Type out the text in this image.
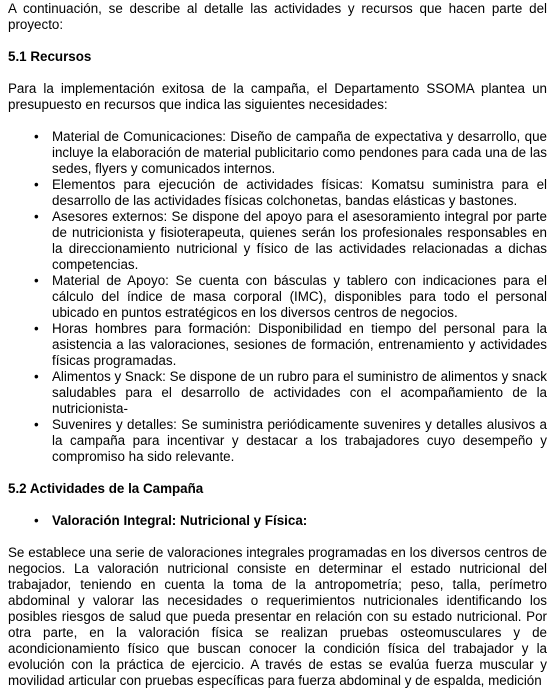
A continuación, se describe al detalle las actividades y recursos que hacen parte del proyecto:

5.1 Recursos

Para la implementación exitosa de la campaña, el Departamento SSOMA plantea un presupuesto en recursos que indica las siguientes necesidades:

• Material de Comunicaciones: Diseño de campaña de expectativa y desarrollo, que incluye la elaboración de material publicitario como pendones para cada una de las sedes, flyers y comunicados internos.
• Elementos para ejecución de actividades físicas: Komatsu suministra para el desarrollo de las actividades físicas colchonetas, bandas elásticas y bastones.
• Asesores externos: Se dispone del apoyo para el asesoramiento integral por parte de nutricionista y fisioterapeuta, quienes serán los profesionales responsables en la direccionamiento nutricional y físico de las actividades relacionadas a dichas competencias.
• Material de Apoyo: Se cuenta con básculas y tablero con indicaciones para el cálculo del índice de masa corporal (IMC), disponibles para todo el personal ubicado en puntos estratégicos en los diversos centros de negocios.
• Horas hombres para formación: Disponibilidad en tiempo del personal para la asistencia a las valoraciones, sesiones de formación, entrenamiento y actividades físicas programadas.
• Alimentos y Snack: Se dispone de un rubro para el suministro de alimentos y snack saludables para el desarrollo de actividades con el acompañamiento de la nutricionista-
• Suvenires y detalles: Se suministra periódicamente suvenires y detalles alusivos a la campaña para incentivar y destacar a los trabajadores cuyo desempeño y compromiso ha sido relevante.
5.2 Actividades de la Campaña
• Valoración Integral: Nutricional y Física:

Se establece una serie de valoraciones integrales programadas en los diversos centros de negocios. La valoración nutricional consiste en determinar el estado nutricional del trabajador, teniendo en cuenta la toma de la antropometría; peso, talla, perímetro abdominal y valorar las necesidades o requerimientos nutricionales identificando los posibles riesgos de salud que pueda presentar en relación con su estado nutricional. Por otra parte, en la valoración física se realizan pruebas osteomusculares y de acondicionamiento físico que buscan conocer la condición física del trabajador y la evolución con la práctica de ejercicio. A través de estas se evalúa fuerza muscular y movilidad articular con pruebas específicas para fuerza abdominal y de espalda, medición
